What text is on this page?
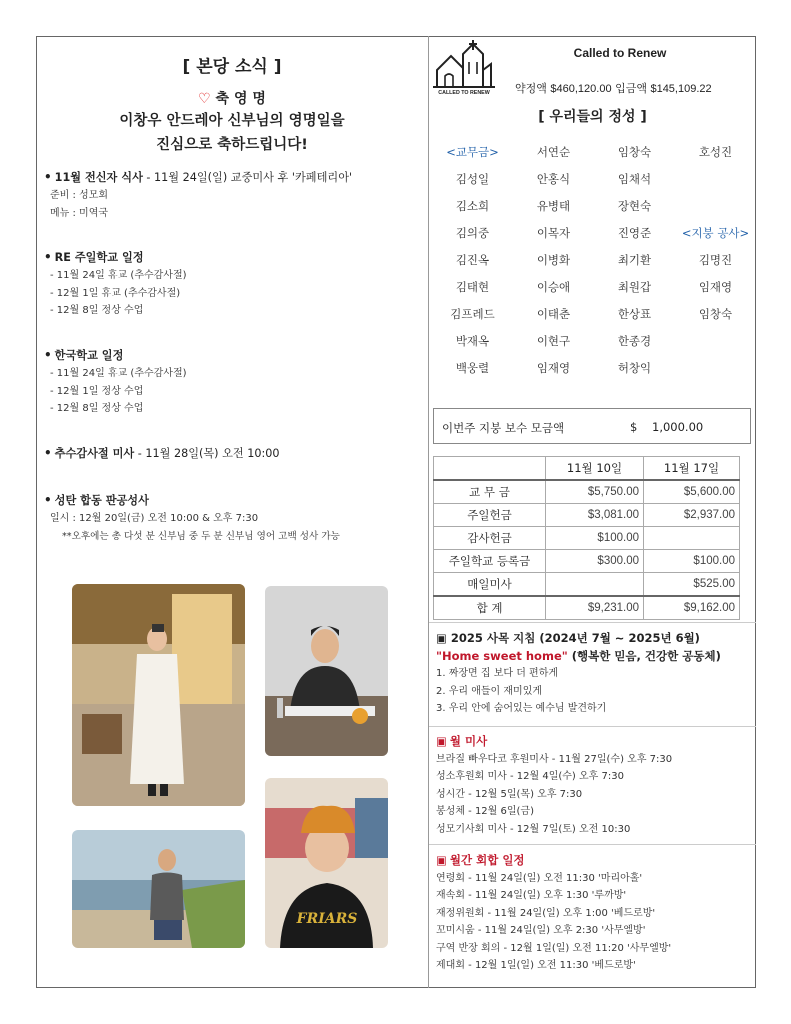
[ 본당 소식 ]
♡ 축 영 명
이창우 안드레아 신부님의 영명일을
진심으로 축하드립니다!
• 11월 전신자 식사 - 11월 24일(일) 교중미사 후 '카페테리아'
준비 : 성모회
메뉴 : 미역국
• RE 주일학교 일정
- 11월 24일 휴교 (추수감사절)
- 12월 1일 휴교 (추수감사절)
- 12월 8일 정상 수업
• 한국학교 일정
- 11월 24일 휴교 (추수감사절)
- 12월 1일 정상 수업
- 12월 8일 정상 수업
• 추수감사절 미사 - 11월 28일(목) 오전 10:00
• 성탄 합동 판공성사
일시 : 12월 20일(금) 오전 10:00 & 오후 7:30
**오후에는 총 다섯 분 신부님 중 두 분 신부님 영어 고백 성사 가능
FRIARS
CALLED TO RENEW
Called to Renew
약정액 $460,120.00 입금액 $145,109.22
[ 우리들의 정성 ]
<교무금>	서연순	임창숙	호성진
김성일	안홍식	임채석	
김소희	유병태	장현숙	
김의중	이목자	진영준	<지붕 공사>
김진옥	이병화	최기환	김명진
김태현	이승애	최원갑	임재영
김프레드	이태춘	한상표	임창숙
박재옥	이현구	한종경	
백웅렬	임재영	허창익	
이번주 지붕 보수 모금액	$ 1,000.00
	11월 10일	11월 17일
교 무 금	$5,750.00	$5,600.00
주일헌금	$3,081.00	$2,937.00
감사헌금	$100.00	
주일학교 등록금	$300.00	$100.00
매일미사		$525.00
합 계	$9,231.00	$9,162.00
▣ 2025 사목 지침 (2024년 7월 ~ 2025년 6월)
"Home sweet home" (행복한 믿음, 건강한 공동체)
1. 짜장면 집 보다 더 편하게
2. 우리 애들이 재미있게
3. 우리 안에 숨어있는 예수님 발견하기
▣ 월 미사
브라질 빠우다코 후원미사 - 11월 27일(수) 오후 7:30
성소후원회 미사 - 12월 4일(수) 오후 7:30
성시간 - 12월 5일(목) 오후 7:30
봉성체 - 12월 6일(금)
성모기사회 미사 - 12월 7일(토) 오전 10:30
▣ 월간 회합 일정
연령회 - 11월 24일(일) 오전 11:30 '마리아홀'
재속회 - 11월 24일(일) 오후 1:30 '루까방'
재정위원회 - 11월 24일(일) 오후 1:00 '베드로방'
꼬미시움 - 11월 24일(일) 오후 2:30 '사무엘방'
구역 반장 회의 - 12월 1일(일) 오전 11:20 '사무엘방'
제대회 - 12월 1일(일) 오전 11:30 '베드로방'
